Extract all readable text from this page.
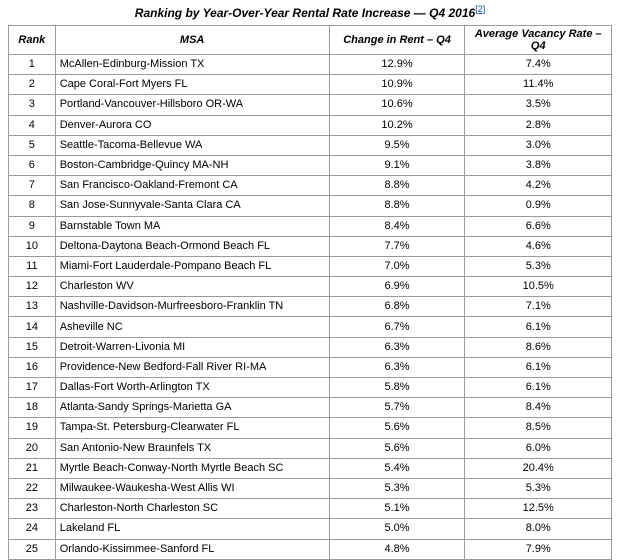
Ranking by Year-Over-Year Rental Rate Increase — Q4 2016[2]
Rank	MSA	Change in Rent – Q4	Average Vacancy Rate – Q4
1	McAllen-Edinburg-Mission TX	12.9%	7.4%
2	Cape Coral-Fort Myers FL	10.9%	11.4%
3	Portland-Vancouver-Hillsboro OR-WA	10.6%	3.5%
4	Denver-Aurora CO	10.2%	2.8%
5	Seattle-Tacoma-Bellevue WA	9.5%	3.0%
6	Boston-Cambridge-Quincy MA-NH	9.1%	3.8%
7	San Francisco-Oakland-Fremont CA	8.8%	4.2%
8	San Jose-Sunnyvale-Santa Clara CA	8.8%	0.9%
9	Barnstable Town MA	8.4%	6.6%
10	Deltona-Daytona Beach-Ormond Beach FL	7.7%	4.6%
11	Miami-Fort Lauderdale-Pompano Beach FL	7.0%	5.3%
12	Charleston WV	6.9%	10.5%
13	Nashville-Davidson-Murfreesboro-Franklin TN	6.8%	7.1%
14	Asheville NC	6.7%	6.1%
15	Detroit-Warren-Livonia MI	6.3%	8.6%
16	Providence-New Bedford-Fall River RI-MA	6.3%	6.1%
17	Dallas-Fort Worth-Arlington TX	5.8%	6.1%
18	Atlanta-Sandy Springs-Marietta GA	5.7%	8.4%
19	Tampa-St. Petersburg-Clearwater FL	5.6%	8.5%
20	San Antonio-New Braunfels TX	5.6%	6.0%
21	Myrtle Beach-Conway-North Myrtle Beach SC	5.4%	20.4%
22	Milwaukee-Waukesha-West Allis WI	5.3%	5.3%
23	Charleston-North Charleston SC	5.1%	12.5%
24	Lakeland FL	5.0%	8.0%
25	Orlando-Kissimmee-Sanford FL	4.8%	7.9%
